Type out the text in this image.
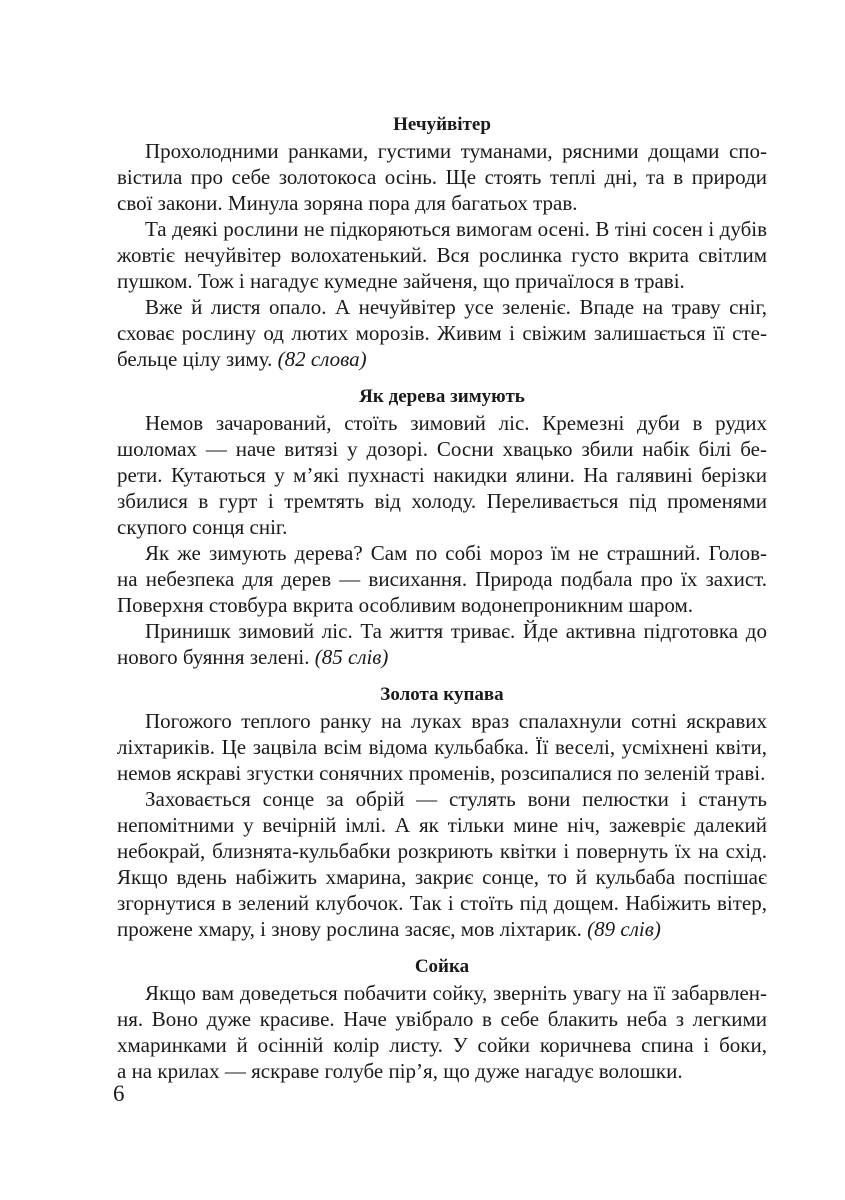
Нечуйвітер
Прохолодними ранками, густими туманами, рясними дощами спо-
вістила про себе золотокоса осінь. Ще стоять теплі дні, та в природи
свої закони. Минула зоряна пора для багатьох трав.
Та деякі рослини не підкоряються вимогам осені. В тіні сосен і дубів
жовтіє нечуйвітер волохатенький. Вся рослинка густо вкрита світлим
пушком. Тож і нагадує кумедне зайченя, що причаїлося в траві.
Вже й листя опало. А нечуйвітер усе зеленіє. Впаде на траву сніг,
сховає рослину од лютих морозів. Живим і свіжим залишається її сте-
бельце цілу зиму. (82 слова)
Як дерева зимують
Немов зачарований, стоїть зимовий ліс. Кремезні дуби в рудих
шоломах — наче витязі у дозорі. Сосни хвацько збили набік білі бе-
рети. Кутаються у м’які пухнасті накидки ялини. На галявині берізки
збилися в гурт і тремтять від холоду. Переливається під променями
скупого сонця сніг.
Як же зимують дерева? Сам по собі мороз їм не страшний. Голов-
на небезпека для дерев — висихання. Природа подбала про їх захист.
Поверхня стовбура вкрита особливим водонепроникним шаром.
Принишк зимовий ліс. Та життя триває. Йде активна підготовка до
нового буяння зелені. (85 слів)
Золота купава
Погожого теплого ранку на луках враз спалахнули сотні яскравих
ліхтариків. Це зацвіла всім відома кульбабка. Її веселі, усміхнені квіти,
немов яскраві згустки сонячних променів, розсипалися по зеленій траві.
Заховається сонце за обрій — стулять вони пелюстки і стануть
непомітними у вечірній імлі. А як тільки мине ніч, зажевріє далекий
небокрай, близнята-кульбабки розкриють квітки і повернуть їх на схід.
Якщо вдень набіжить хмарина, закриє сонце, то й кульбаба поспішає
згорнутися в зелений клубочок. Так і стоїть під дощем. Набіжить вітер,
прожене хмару, і знову рослина засяє, мов ліхтарик. (89 слів)
Сойка
Якщо вам доведеться побачити сойку, зверніть увагу на її забарвлен-
ня. Воно дуже красиве. Наче увібрало в себе блакить неба з легкими
хмаринками й осінній колір листу. У сойки коричнева спина і боки,
а на крилах — яскраве голубе пір’я, що дуже нагадує волошки.
6
